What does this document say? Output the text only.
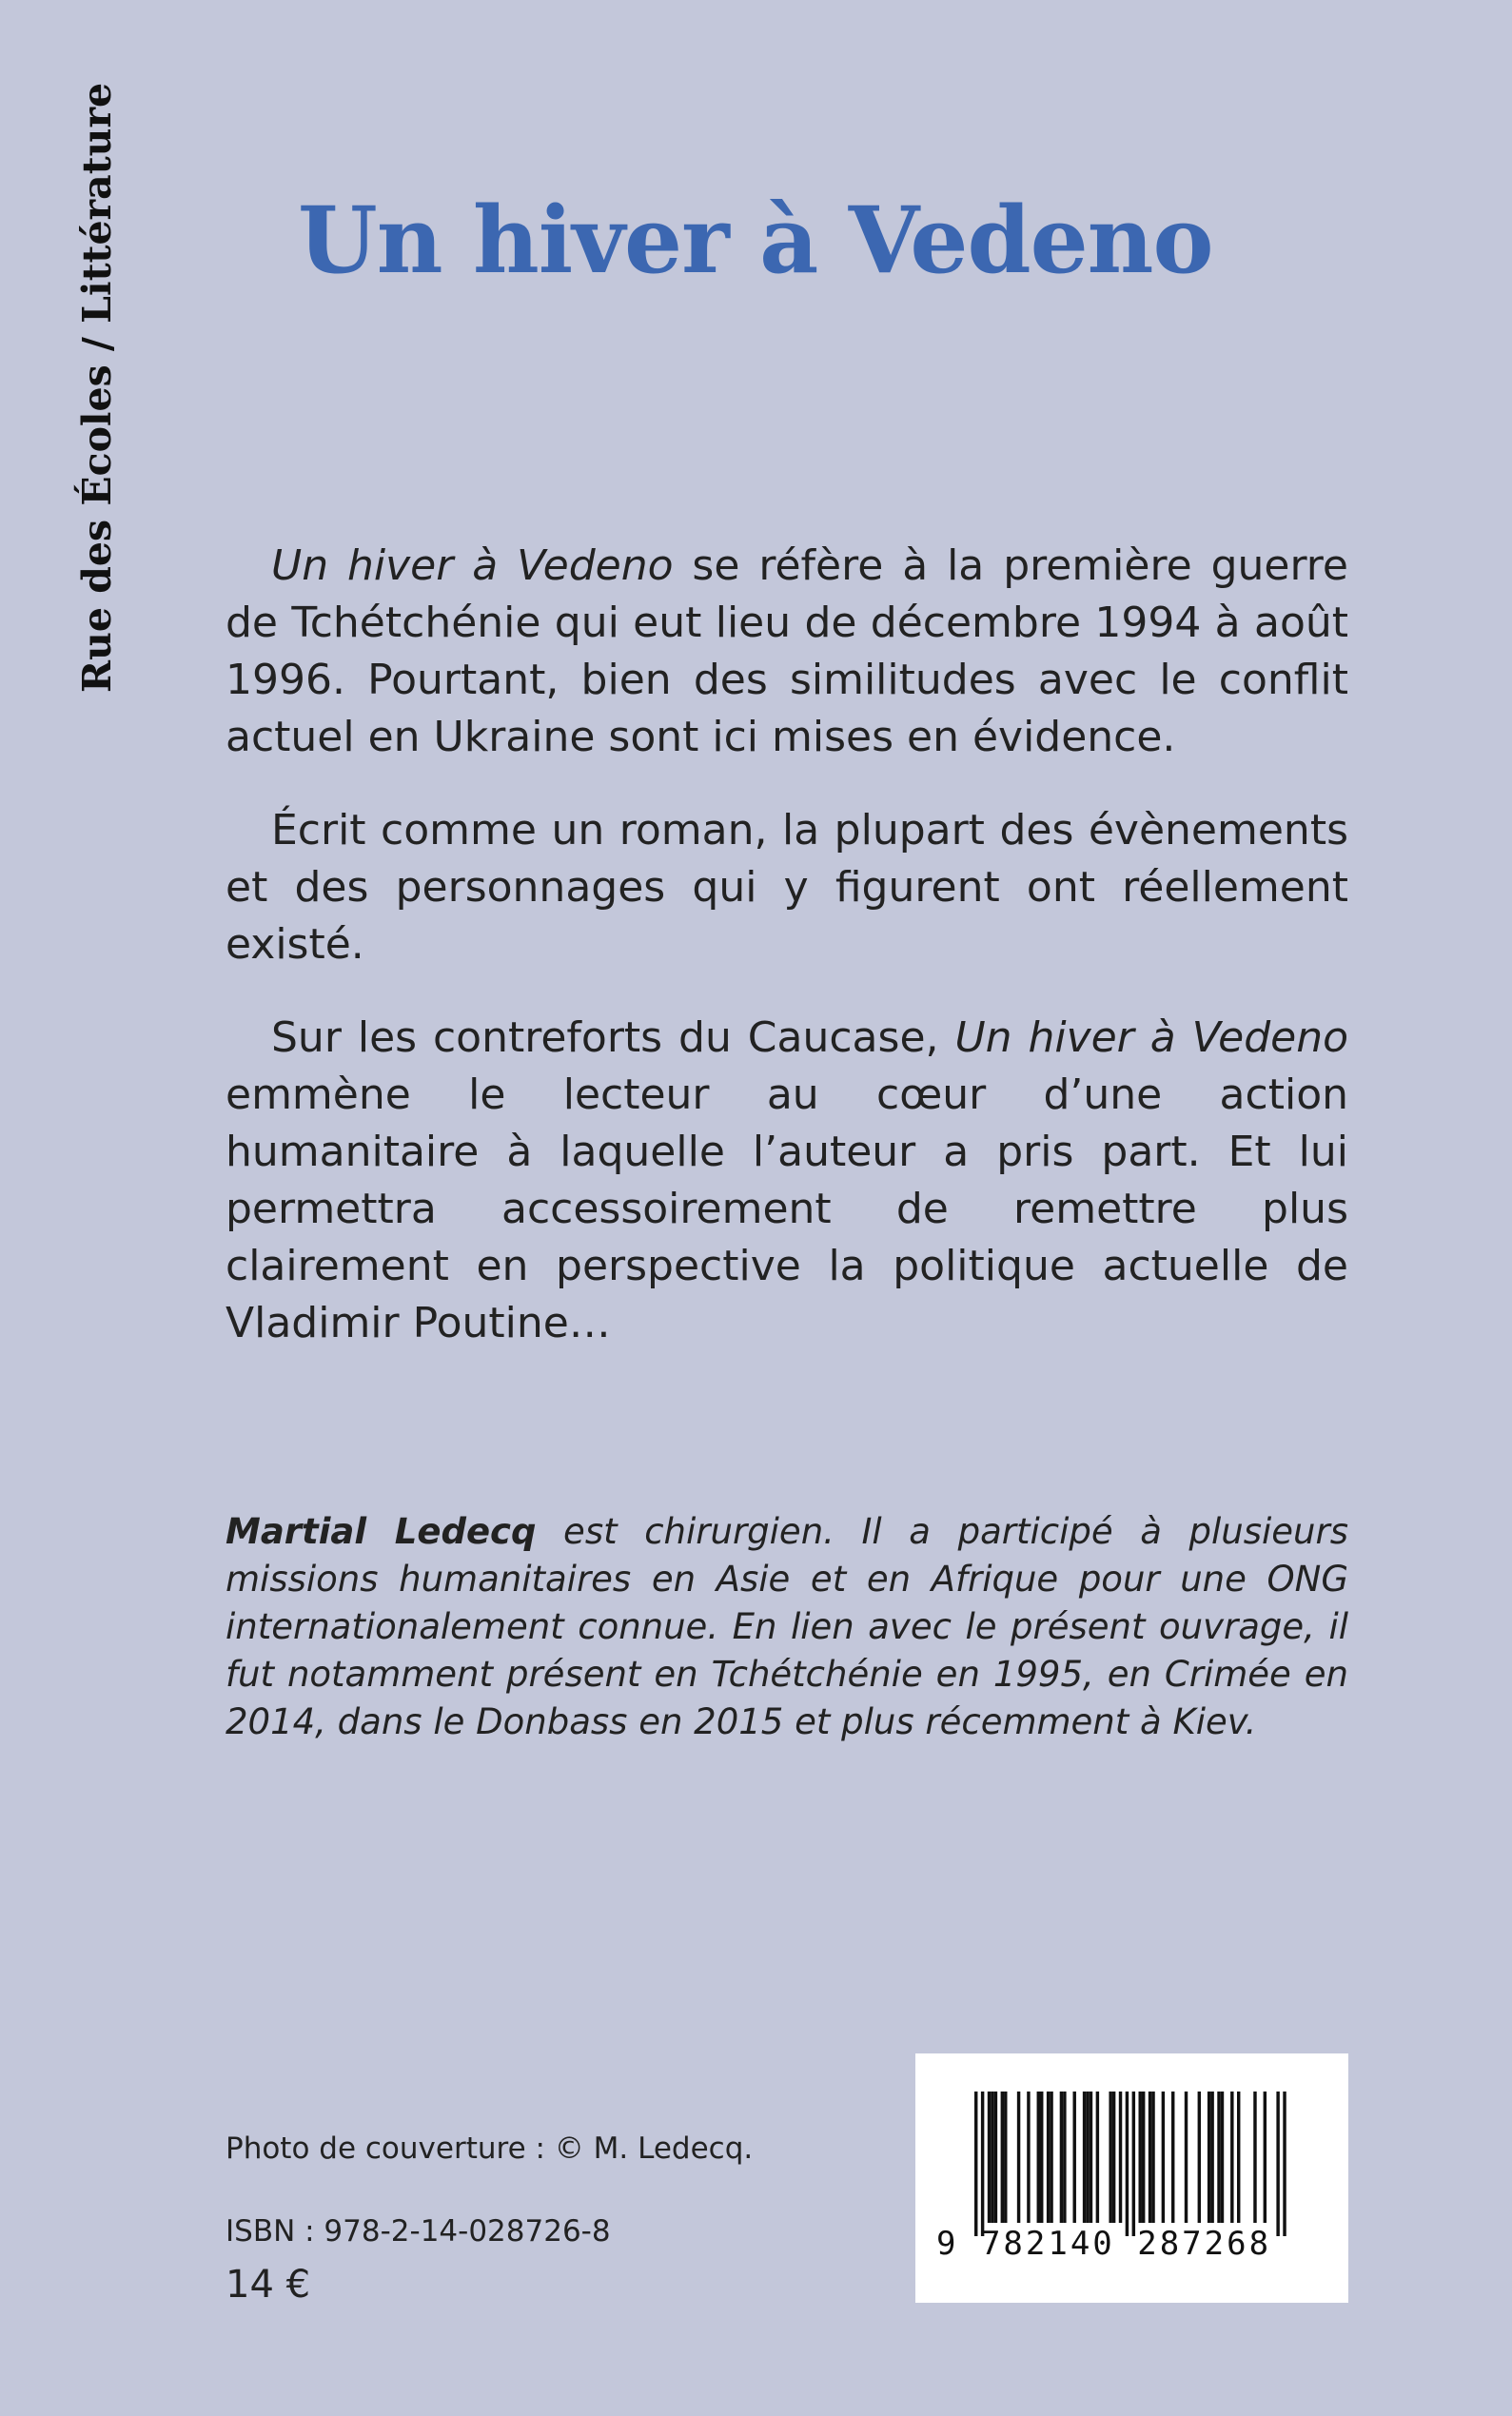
Rue des Écoles / Littérature Un hiver à Vedeno

Un hiver à Vedeno se réfère à la première guerre de Tchétchénie qui eut lieu de décembre 1994 à août 1996. Pourtant, bien des similitudes avec le conflit actuel en Ukraine sont ici mises en évidence.

Écrit comme un roman, la plupart des évènements et des personnages qui y figurent ont réellement existé.

Sur les contreforts du Caucase, Un hiver à Vedeno emmène le lecteur au cœur d’une action humanitaire à laquelle l’auteur a pris part. Et lui permettra accessoirement de remettre plus clairement en perspective la politique actuelle de Vladimir Poutine…

Martial Ledecq est chirurgien. Il a participé à plusieurs missions humanitaires en Asie et en Afrique pour une ONG internationalement connue. En lien avec le présent ouvrage, il fut notamment présent en Tchétchénie en 1995, en Crimée en 2014, dans le Donbass en 2015 et plus récemment à Kiev.

Photo de couverture : © M. Ledecq.
ISBN : 978-2-14-028726-8
14 €
9 782140 287268
